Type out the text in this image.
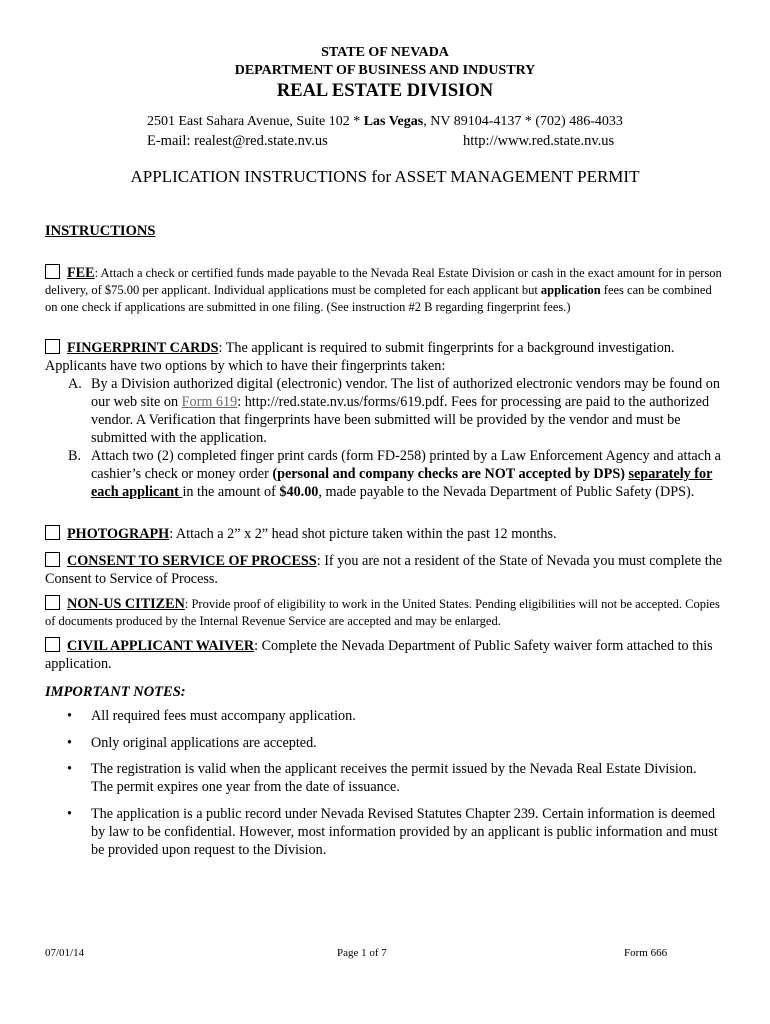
STATE OF NEVADA
DEPARTMENT OF BUSINESS AND INDUSTRY
REAL ESTATE DIVISION
2501 East Sahara Avenue, Suite 102 * Las Vegas, NV 89104-4137 * (702) 486-4033
E-mail: realest@red.state.nv.us	http://www.red.state.nv.us
APPLICATION INSTRUCTIONS for ASSET MANAGEMENT PERMIT
INSTRUCTIONS
FEE: Attach a check or certified funds made payable to the Nevada Real Estate Division or cash in the exact amount for in person delivery, of $75.00 per applicant. Individual applications must be completed for each applicant but application fees can be combined on one check if applications are submitted in one filing. (See instruction #2 B regarding fingerprint fees.)
FINGERPRINT CARDS: The applicant is required to submit fingerprints for a background investigation. Applicants have two options by which to have their fingerprints taken:
A. By a Division authorized digital (electronic) vendor. The list of authorized electronic vendors may be found on our web site on Form 619: http://red.state.nv.us/forms/619.pdf. Fees for processing are paid to the authorized vendor. A Verification that fingerprints have been submitted will be provided by the vendor and must be submitted with the application.
B. Attach two (2) completed finger print cards (form FD-258) printed by a Law Enforcement Agency and attach a cashier’s check or money order (personal and company checks are NOT accepted by DPS) separately for each applicant in the amount of $40.00, made payable to the Nevada Department of Public Safety (DPS).
PHOTOGRAPH: Attach a 2” x 2” head shot picture taken within the past 12 months.
CONSENT TO SERVICE OF PROCESS: If you are not a resident of the State of Nevada you must complete the Consent to Service of Process.
NON-US CITIZEN: Provide proof of eligibility to work in the United States. Pending eligibilities will not be accepted. Copies of documents produced by the Internal Revenue Service are accepted and may be enlarged.
CIVIL APPLICANT WAIVER: Complete the Nevada Department of Public Safety waiver form attached to this application.
IMPORTANT NOTES:
• All required fees must accompany application.
• Only original applications are accepted.
• The registration is valid when the applicant receives the permit issued by the Nevada Real Estate Division. The permit expires one year from the date of issuance.
• The application is a public record under Nevada Revised Statutes Chapter 239. Certain information is deemed by law to be confidential. However, most information provided by an applicant is public information and must be provided upon request to the Division.
07/01/14	Page 1 of 7	Form 666
